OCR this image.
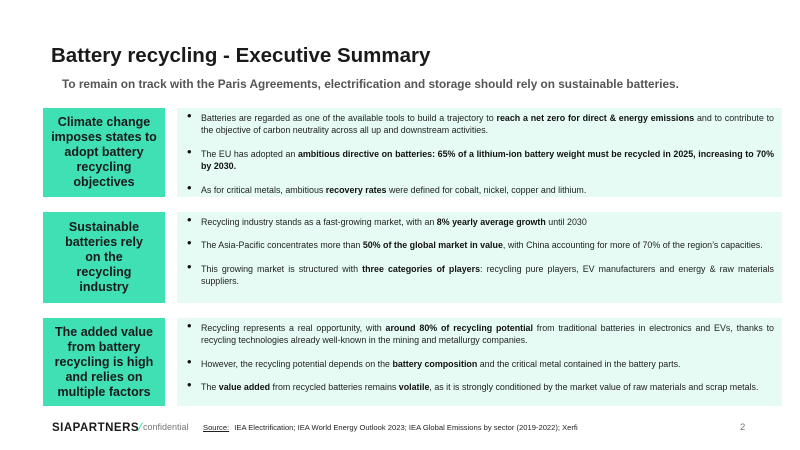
Battery recycling - Executive Summary
To remain on track with the Paris Agreements, electrification and storage should rely on sustainable batteries.
Climate change imposes states to adopt battery recycling objectives
• Batteries are regarded as one of the available tools to build a trajectory to reach a net zero for direct & energy emissions and to contribute to the objective of carbon neutrality across all up and downstream activities.
• The EU has adopted an ambitious directive on batteries: 65% of a lithium-ion battery weight must be recycled in 2025, increasing to 70% by 2030.
• As for critical metals, ambitious recovery rates were defined for cobalt, nickel, copper and lithium.
Sustainable batteries rely on the recycling industry
• Recycling industry stands as a fast-growing market, with an 8% yearly average growth until 2030
• The Asia-Pacific concentrates more than 50% of the global market in value, with China accounting for more of 70% of the region’s capacities.
• This growing market is structured with three categories of players: recycling pure players, EV manufacturers and energy & raw materials suppliers.
The added value from battery recycling is high and relies on multiple factors
• Recycling represents a real opportunity, with around 80% of recycling potential from traditional batteries in electronics and EVs, thanks to recycling technologies already well-known in the mining and metallurgy companies.
• However, the recycling potential depends on the battery composition and the critical metal contained in the battery parts.
• The value added from recycled batteries remains volatile, as it is strongly conditioned by the market value of raw materials and scrap metals.
SIAPARTNERS⁄ confidential Source: IEA Electrification; IEA World Energy Outlook 2023; IEA Global Emissions by sector (2019-2022); Xerfi	2
